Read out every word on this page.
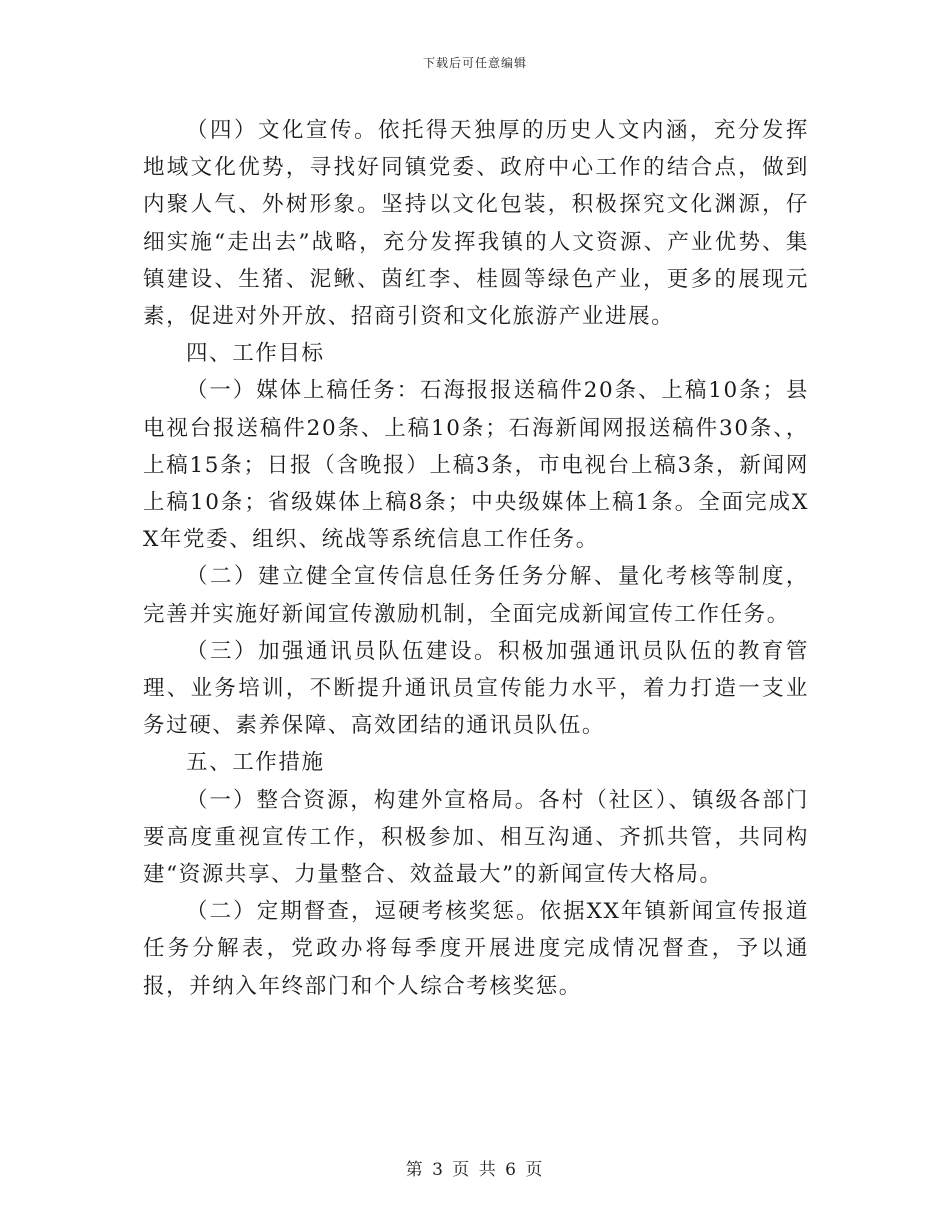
下载后可任意编辑

（四）文化宣传。依托得天独厚的历史人文内涵，充分发挥地域文化优势，寻找好同镇党委、政府中心工作的结合点，做到内聚人气、外树形象。坚持以文化包装，积极探究文化渊源，仔细实施“走出去”战略，充分发挥我镇的人文资源、产业优势、集镇建设、生猪、泥鳅、茵红李、桂圆等绿色产业，更多的展现元素，促进对外开放、招商引资和文化旅游产业进展。

四、工作目标

（一）媒体上稿任务：石海报报送稿件20条、上稿10条；县电视台报送稿件20条、上稿10条；石海新闻网报送稿件30条、，上稿15条；日报（含晚报）上稿3条，市电视台上稿3条，新闻网上稿10条；省级媒体上稿8条；中央级媒体上稿1条。全面完成XX年党委、组织、统战等系统信息工作任务。

（二）建立健全宣传信息任务任务分解、量化考核等制度，完善并实施好新闻宣传激励机制，全面完成新闻宣传工作任务。

（三）加强通讯员队伍建设。积极加强通讯员队伍的教育管理、业务培训，不断提升通讯员宣传能力水平，着力打造一支业务过硬、素养保障、高效团结的通讯员队伍。

五、工作措施

（一）整合资源，构建外宣格局。各村（社区）、镇级各部门要高度重视宣传工作，积极参加、相互沟通、齐抓共管，共同构建“资源共享、力量整合、效益最大”的新闻宣传大格局。

（二）定期督查，逗硬考核奖惩。依据XX年镇新闻宣传报道任务分解表，党政办将每季度开展进度完成情况督查，予以通报，并纳入年终部门和个人综合考核奖惩。

第 3 页 共 6 页
